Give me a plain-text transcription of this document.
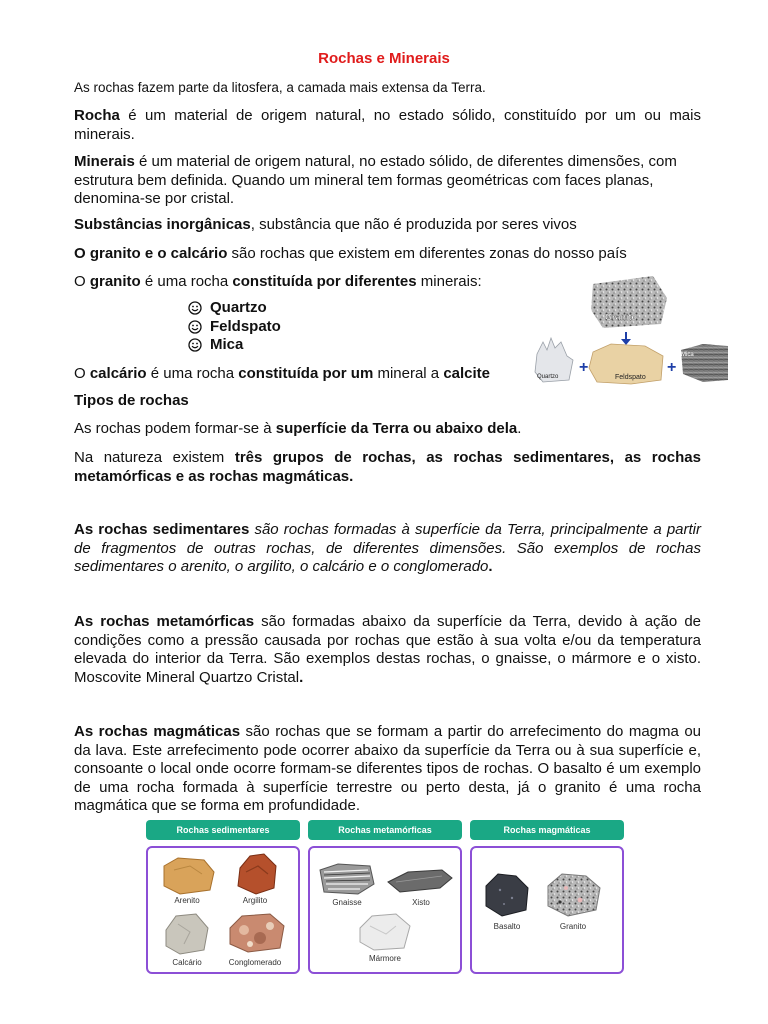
Rochas e Minerais

As rochas fazem parte da litosfera, a camada mais extensa da Terra.

Rocha é um material de origem natural, no estado sólido, constituído por um ou mais minerais.

Minerais é um material de origem natural, no estado sólido, de diferentes dimensões, com estrutura bem definida. Quando um mineral tem formas geométricas com faces planas, denomina-se por cristal.

Substâncias inorgânicas, substância que não é produzida por seres vivos

O granito e o calcário são rochas que existem em diferentes zonas do nosso país

O granito é uma rocha constituída por diferentes minerais:

Quartzo
Feldspato
Mica
Granito
Quartzo
+
Feldspato
+
Mica

O calcário é uma rocha constituída por um mineral a calcite

Tipos de rochas

As rochas podem formar-se à superfície da Terra ou abaixo dela.

Na natureza existem três grupos de rochas, as rochas sedimentares, as rochas metamórficas e as rochas magmáticas.

As rochas sedimentares são rochas formadas à superfície da Terra, principalmente a partir de fragmentos de outras rochas, de diferentes dimensões. São exemplos de rochas sedimentares o arenito, o argilito, o calcário e o conglomerado.

As rochas metamórficas são formadas abaixo da superfície da Terra, devido à ação de condições como a pressão causada por rochas que estão à sua volta e/ou da temperatura elevada do interior da Terra. São exemplos destas rochas, o gnaisse, o mármore e o xisto. Moscovite Mineral Quartzo Cristal.

As rochas magmáticas são rochas que se formam a partir do arrefecimento do magma ou da lava. Este arrefecimento pode ocorrer abaixo da superfície da Terra ou à sua superfície e, consoante o local onde ocorre formam-se diferentes tipos de rochas. O basalto é um exemplo de uma rocha formada à superfície terrestre ou perto desta, já o granito é uma rocha magmática que se forma em profundidade.

Rochas sedimentares
Arenito	Argilito
Calcário	Conglomerado
Rochas metamórficas
Gnaisse	Xisto
Mármore
Rochas magmáticas
Basalto	Granito
